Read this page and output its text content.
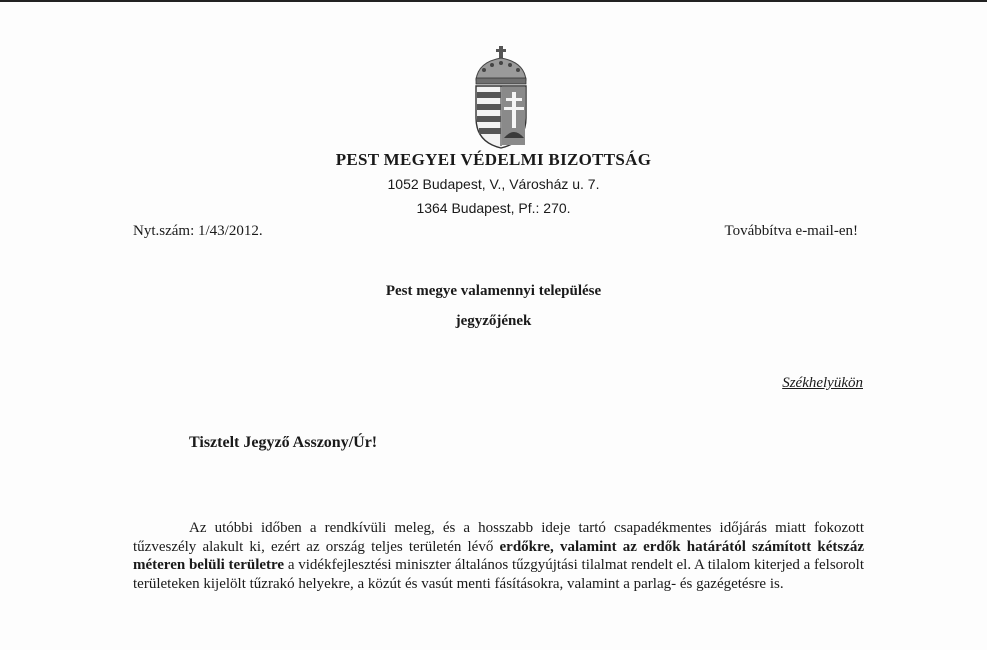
PEST MEGYEI VÉDELMI BIZOTTSÁG
1052 Budapest, V., Városház u. 7.
1364 Budapest, Pf.: 270.
Nyt.szám: 1/43/2012.	Továbbítva e-mail-en!
Pest megye valamennyi települése
jegyzőjének
Székhelyükön
Tisztelt Jegyző Asszony/Úr!
Az utóbbi időben a rendkívüli meleg, és a hosszabb ideje tartó csapadékmentes időjárás miatt fokozott tűzveszély alakult ki, ezért az ország teljes területén lévő erdőkre, valamint az erdők határától számított kétszáz méteren belüli területre a vidékfejlesztési miniszter általános tűzgyújtási tilalmat rendelt el. A tilalom kiterjed a felsorolt területeken kijelölt tűzrakó helyekre, a közút és vasút menti fásításokra, valamint a parlag- és gazégetésre is.
